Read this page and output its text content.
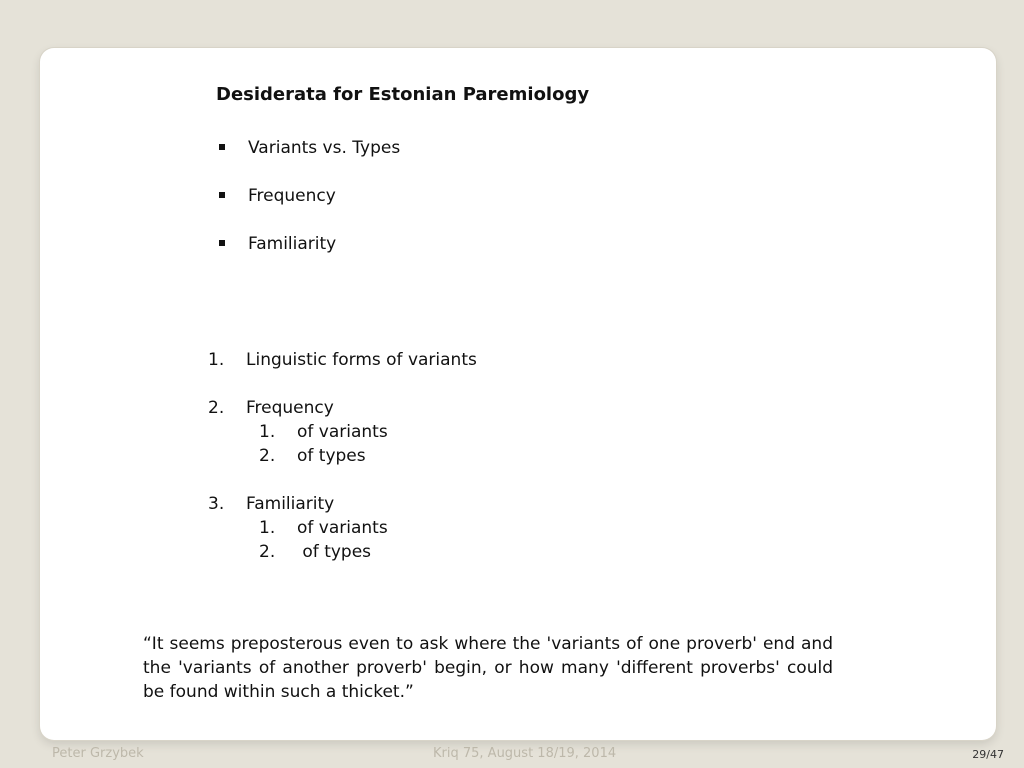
Desiderata for Estonian Paremiology
Variants vs. Types
Frequency
Familiarity
1. Linguistic forms of variants
2. Frequency
1. of variants
2. of types
3. Familiarity
1. of variants
2. of types

“It seems preposterous even to ask where the 'variants of one proverb' end and the 'variants of another proverb' begin, or how many 'different proverbs' could be found within such a thicket.”

Peter Grzybek	Kriq 75, August 18/19, 2014	29/47
